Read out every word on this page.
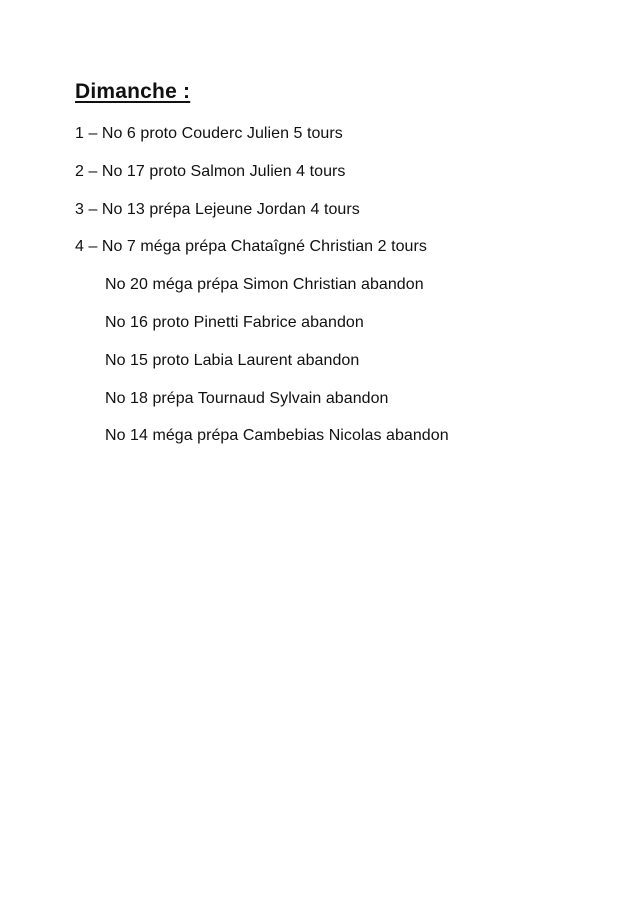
Dimanche :
1 – No 6 proto Couderc Julien 5 tours
2 – No 17 proto Salmon Julien 4 tours
3 – No 13 prépa Lejeune Jordan 4 tours
4 – No 7 méga prépa Chataîgné Christian 2 tours
No 20 méga prépa Simon Christian abandon
No 16 proto Pinetti Fabrice abandon
No 15 proto Labia Laurent abandon
No 18 prépa Tournaud Sylvain abandon
No 14 méga prépa Cambebias Nicolas abandon
